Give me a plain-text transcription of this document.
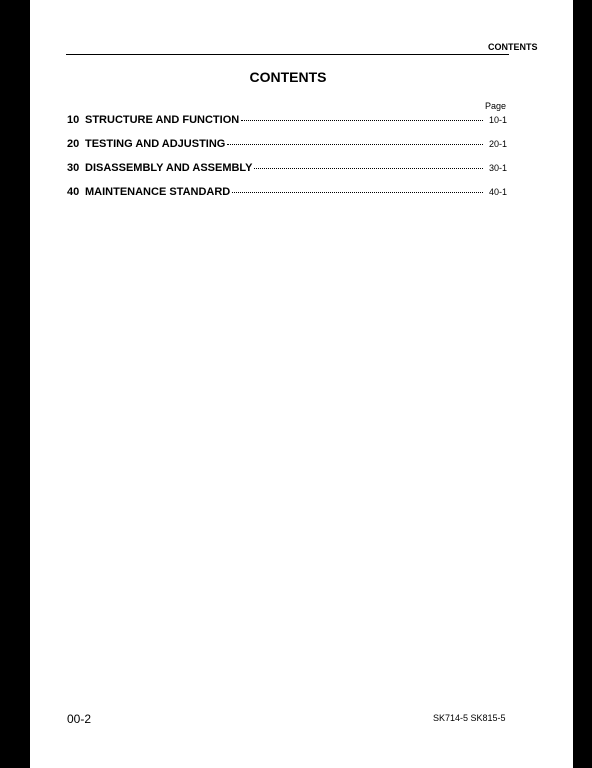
CONTENTS
CONTENTS
Page
10 STRUCTURE AND FUNCTION	10-1
20 TESTING AND ADJUSTING	20-1
30 DISASSEMBLY AND ASSEMBLY	30-1
40 MAINTENANCE STANDARD	40-1
00-2	SK714-5 SK815-5
